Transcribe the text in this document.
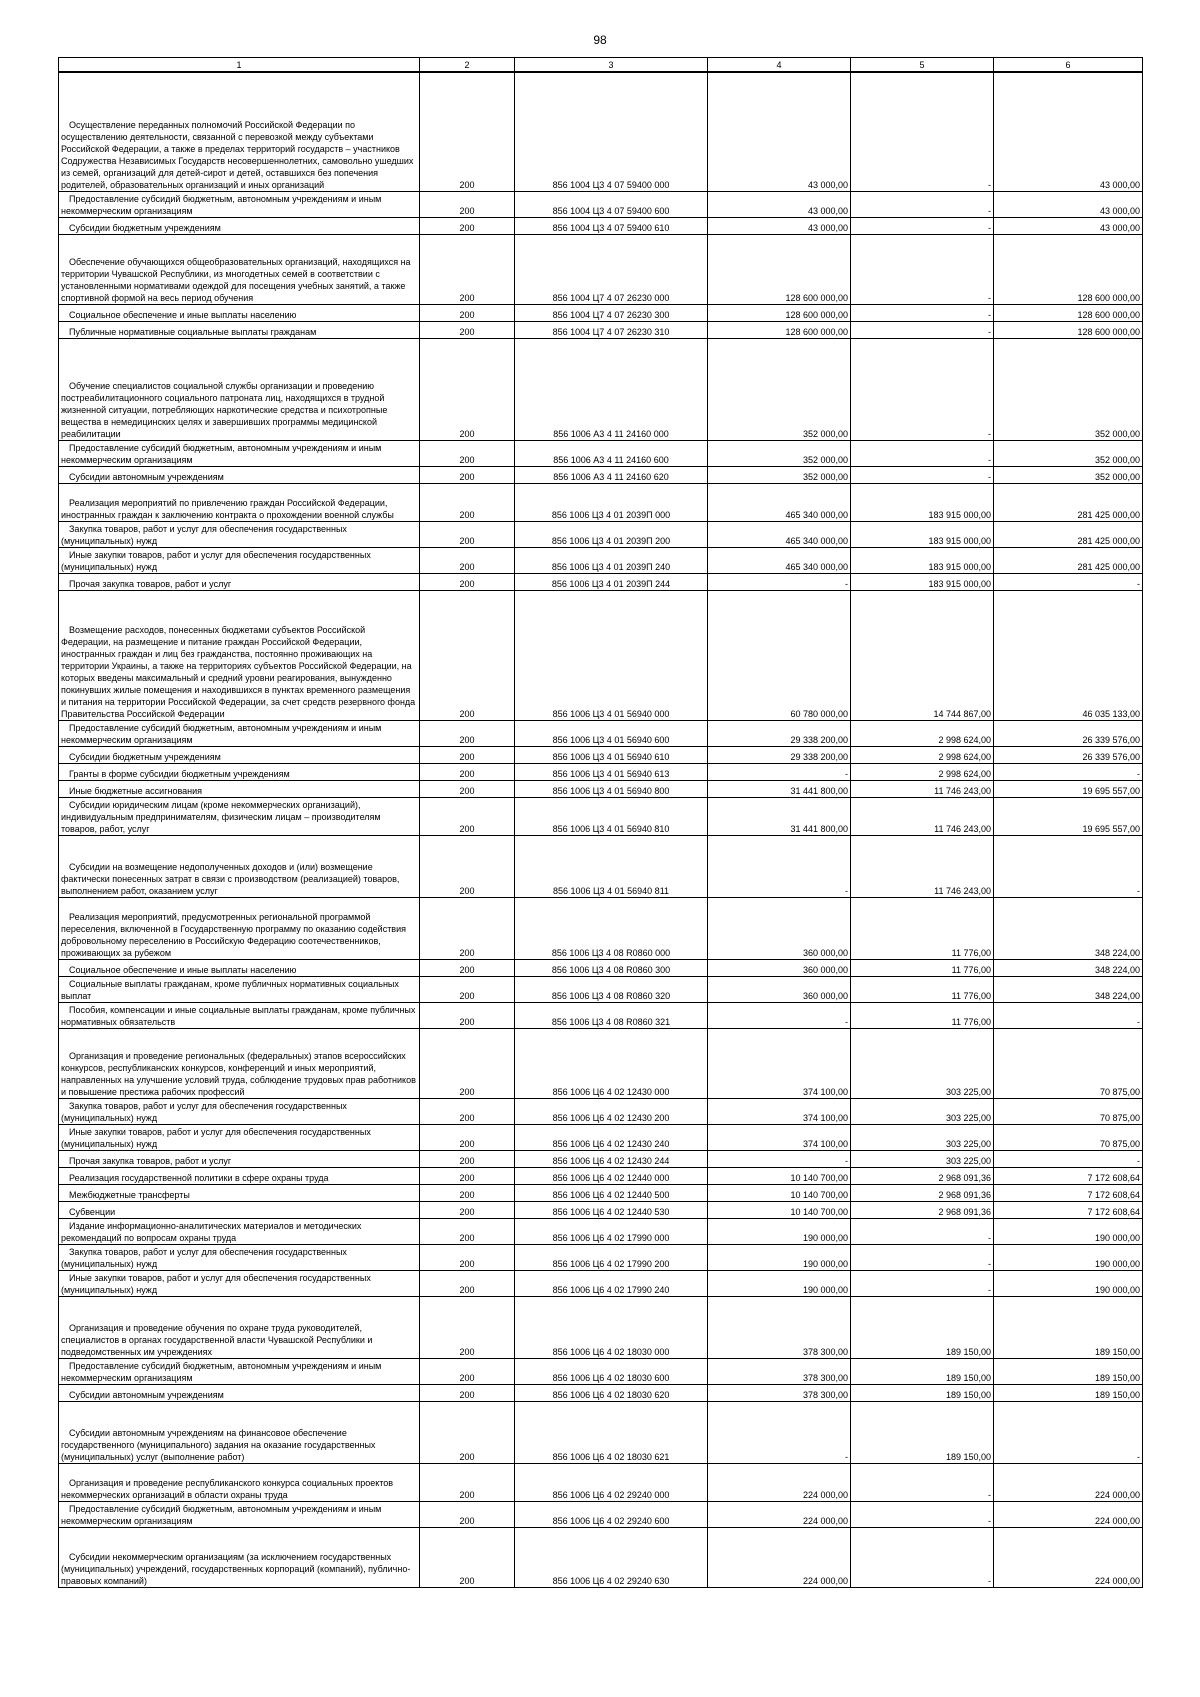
98
1	2	3	4	5	6

Осуществление переданных полномочий Российской Федерации по осуществлению деятельности, связанной с перевозкой между субъектами Российской Федерации, а также в пределах территорий государств – участников Содружества Независимых Государств несовершеннолетних, самовольно ушедших из семей, организаций для детей-сирот и детей, оставшихся без попечения родителей, образовательных организаций и иных организаций	200	856 1004 Ц3 4 07 59400 000	43 000,00	-	43 000,00

Предоставление субсидий бюджетным, автономным учреждениям и иным некоммерческим организациям	200	856 1004 Ц3 4 07 59400 600	43 000,00	-	43 000,00

Субсидии бюджетным учреждениям	200	856 1004 Ц3 4 07 59400 610	43 000,00	-	43 000,00

Обеспечение обучающихся общеобразовательных организаций, находящихся на территории Чувашской Республики, из многодетных семей в соответствии с установленными нормативами одеждой для посещения учебных занятий, а также спортивной формой на весь период обучения	200	856 1004 Ц7 4 07 26230 000	128 600 000,00	-	128 600 000,00

Социальное обеспечение и иные выплаты населению	200	856 1004 Ц7 4 07 26230 300	128 600 000,00	-	128 600 000,00

Публичные нормативные социальные выплаты гражданам	200	856 1004 Ц7 4 07 26230 310	128 600 000,00	-	128 600 000,00

Обучение специалистов социальной службы организации и проведению постреабилитационного социального патроната лиц, находящихся в трудной жизненной ситуации, потребляющих наркотические средства и психотропные вещества в немедицинских целях и завершивших программы медицинской реабилитации	200	856 1006 А3 4 11 24160 000	352 000,00	-	352 000,00

Предоставление субсидий бюджетным, автономным учреждениям и иным некоммерческим организациям	200	856 1006 А3 4 11 24160 600	352 000,00	-	352 000,00

Субсидии автономным учреждениям	200	856 1006 А3 4 11 24160 620	352 000,00	-	352 000,00

Реализация мероприятий по привлечению граждан Российской Федерации, иностранных граждан к заключению контракта о прохождении военной службы	200	856 1006 Ц3 4 01 2039П 000	465 340 000,00	183 915 000,00	281 425 000,00

Закупка товаров, работ и услуг для обеспечения государственных (муниципальных) нужд	200	856 1006 Ц3 4 01 2039П 200	465 340 000,00	183 915 000,00	281 425 000,00

Иные закупки товаров, работ и услуг для обеспечения государственных (муниципальных) нужд	200	856 1006 Ц3 4 01 2039П 240	465 340 000,00	183 915 000,00	281 425 000,00

Прочая закупка товаров, работ и услуг	200	856 1006 Ц3 4 01 2039П 244	-	183 915 000,00	-

Возмещение расходов, понесенных бюджетами субъектов Российской Федерации, на размещение и питание граждан Российской Федерации, иностранных граждан и лиц без гражданства, постоянно проживающих на территории Украины, а также на территориях субъектов Российской Федерации, на которых введены максимальный и средний уровни реагирования, вынужденно покинувших жилые помещения и находившихся в пунктах временного размещения и питания на территории Российской Федерации, за счет средств резервного фонда Правительства Российской Федерации	200	856 1006 Ц3 4 01 56940 000	60 780 000,00	14 744 867,00	46 035 133,00

Предоставление субсидий бюджетным, автономным учреждениям и иным некоммерческим организациям	200	856 1006 Ц3 4 01 56940 600	29 338 200,00	2 998 624,00	26 339 576,00

Субсидии бюджетным учреждениям	200	856 1006 Ц3 4 01 56940 610	29 338 200,00	2 998 624,00	26 339 576,00

Гранты в форме субсидии бюджетным учреждениям	200	856 1006 Ц3 4 01 56940 613	-	2 998 624,00	-

Иные бюджетные ассигнования	200	856 1006 Ц3 4 01 56940 800	31 441 800,00	11 746 243,00	19 695 557,00

Субсидии юридическим лицам (кроме некоммерческих организаций), индивидуальным предпринимателям, физическим лицам – производителям товаров, работ, услуг	200	856 1006 Ц3 4 01 56940 810	31 441 800,00	11 746 243,00	19 695 557,00

Субсидии на возмещение недополученных доходов и (или) возмещение фактически понесенных затрат в связи с производством (реализацией) товаров, выполнением работ, оказанием услуг	200	856 1006 Ц3 4 01 56940 811	-	11 746 243,00	-

Реализация мероприятий, предусмотренных региональной программой переселения, включенной в Государственную программу по оказанию содействия добровольному переселению в Российскую Федерацию соотечественников, проживающих за рубежом	200	856 1006 Ц3 4 08 R0860 000	360 000,00	11 776,00	348 224,00

Социальное обеспечение и иные выплаты населению	200	856 1006 Ц3 4 08 R0860 300	360 000,00	11 776,00	348 224,00

Социальные выплаты гражданам, кроме публичных нормативных социальных выплат	200	856 1006 Ц3 4 08 R0860 320	360 000,00	11 776,00	348 224,00

Пособия, компенсации и иные социальные выплаты гражданам, кроме публичных нормативных обязательств	200	856 1006 Ц3 4 08 R0860 321	-	11 776,00	-

Организация и проведение региональных (федеральных) этапов всероссийских конкурсов, республиканских конкурсов, конференций и иных мероприятий, направленных на улучшение условий труда, соблюдение трудовых прав работников и повышение престижа рабочих профессий	200	856 1006 Ц6 4 02 12430 000	374 100,00	303 225,00	70 875,00

Закупка товаров, работ и услуг для обеспечения государственных (муниципальных) нужд	200	856 1006 Ц6 4 02 12430 200	374 100,00	303 225,00	70 875,00

Иные закупки товаров, работ и услуг для обеспечения государственных (муниципальных) нужд	200	856 1006 Ц6 4 02 12430 240	374 100,00	303 225,00	70 875,00

Прочая закупка товаров, работ и услуг	200	856 1006 Ц6 4 02 12430 244	-	303 225,00	-

Реализация государственной политики в сфере охраны труда	200	856 1006 Ц6 4 02 12440 000	10 140 700,00	2 968 091,36	7 172 608,64

Межбюджетные трансферты	200	856 1006 Ц6 4 02 12440 500	10 140 700,00	2 968 091,36	7 172 608,64

Субвенции	200	856 1006 Ц6 4 02 12440 530	10 140 700,00	2 968 091,36	7 172 608,64

Издание информационно-аналитических материалов и методических рекомендаций по вопросам охраны труда	200	856 1006 Ц6 4 02 17990 000	190 000,00	-	190 000,00

Закупка товаров, работ и услуг для обеспечения государственных (муниципальных) нужд	200	856 1006 Ц6 4 02 17990 200	190 000,00	-	190 000,00

Иные закупки товаров, работ и услуг для обеспечения государственных (муниципальных) нужд	200	856 1006 Ц6 4 02 17990 240	190 000,00	-	190 000,00

Организация и проведение обучения по охране труда руководителей, специалистов в органах государственной власти Чувашской Республики и подведомственных им учреждениях	200	856 1006 Ц6 4 02 18030 000	378 300,00	189 150,00	189 150,00

Предоставление субсидий бюджетным, автономным учреждениям и иным некоммерческим организациям	200	856 1006 Ц6 4 02 18030 600	378 300,00	189 150,00	189 150,00

Субсидии автономным учреждениям	200	856 1006 Ц6 4 02 18030 620	378 300,00	189 150,00	189 150,00

Субсидии автономным учреждениям на финансовое обеспечение государственного (муниципального) задания на оказание государственных (муниципальных) услуг (выполнение работ)	200	856 1006 Ц6 4 02 18030 621	-	189 150,00	-

Организация и проведение республиканского конкурса социальных проектов некоммерческих организаций в области охраны труда	200	856 1006 Ц6 4 02 29240 000	224 000,00	-	224 000,00

Предоставление субсидий бюджетным, автономным учреждениям и иным некоммерческим организациям	200	856 1006 Ц6 4 02 29240 600	224 000,00	-	224 000,00

Субсидии некоммерческим организациям (за исключением государственных (муниципальных) учреждений, государственных корпораций (компаний), публично-правовых компаний)	200	856 1006 Ц6 4 02 29240 630	224 000,00	-	224 000,00
